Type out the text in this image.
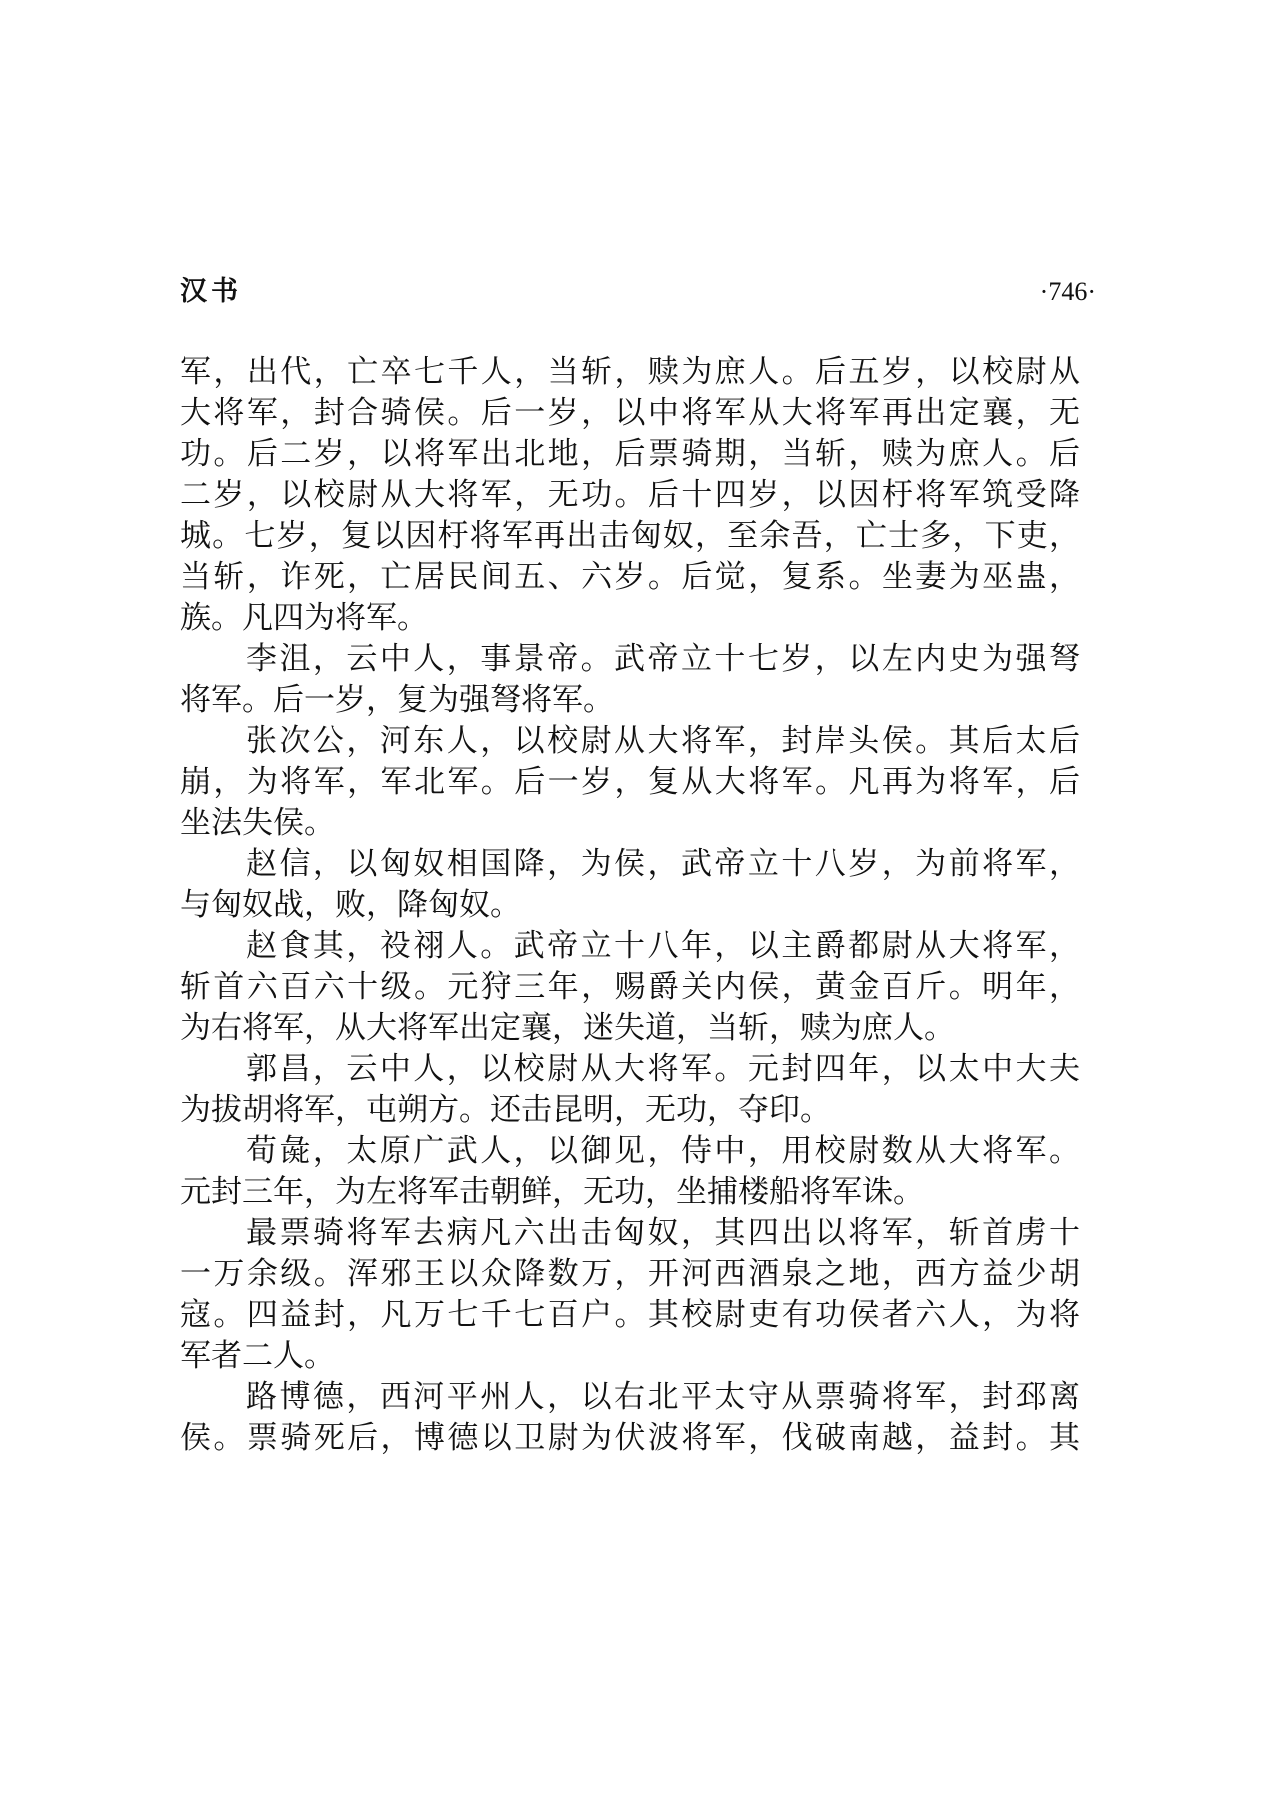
汉书	·746·
军，出代，亡卒七千人，当斩，赎为庶人。后五岁，以校尉从
大将军，封合骑侯。后一岁，以中将军从大将军再出定襄，无
功。后二岁，以将军出北地，后票骑期，当斩，赎为庶人。后
二岁，以校尉从大将军，无功。后十四岁，以因杅将军筑受降
城。七岁，复以因杅将军再出击匈奴，至余吾，亡士多，下吏，
当斩，诈死，亡居民间五、六岁。后觉，复系。坐妻为巫蛊，
族。凡四为将军。
李沮，云中人，事景帝。武帝立十七岁，以左内史为强弩
将军。后一岁，复为强弩将军。
张次公，河东人，以校尉从大将军，封岸头侯。其后太后
崩，为将军，军北军。后一岁，复从大将军。凡再为将军，后
坐法失侯。
赵信，以匈奴相国降，为侯，武帝立十八岁，为前将军，
与匈奴战，败，降匈奴。
赵食其，祋祤人。武帝立十八年，以主爵都尉从大将军，
斩首六百六十级。元狩三年，赐爵关内侯，黄金百斤。明年，
为右将军，从大将军出定襄，迷失道，当斩，赎为庶人。
郭昌，云中人，以校尉从大将军。元封四年，以太中大夫
为拔胡将军，屯朔方。还击昆明，无功，夺印。
荀彘，太原广武人，以御见，侍中，用校尉数从大将军。
元封三年，为左将军击朝鲜，无功，坐捕楼船将军诛。
最票骑将军去病凡六出击匈奴，其四出以将军，斩首虏十
一万余级。浑邪王以众降数万，开河西酒泉之地，西方益少胡
寇。四益封，凡万七千七百户。其校尉吏有功侯者六人，为将
军者二人。
路博德，西河平州人，以右北平太守从票骑将军，封邳离
侯。票骑死后，博德以卫尉为伏波将军，伐破南越，益封。其
